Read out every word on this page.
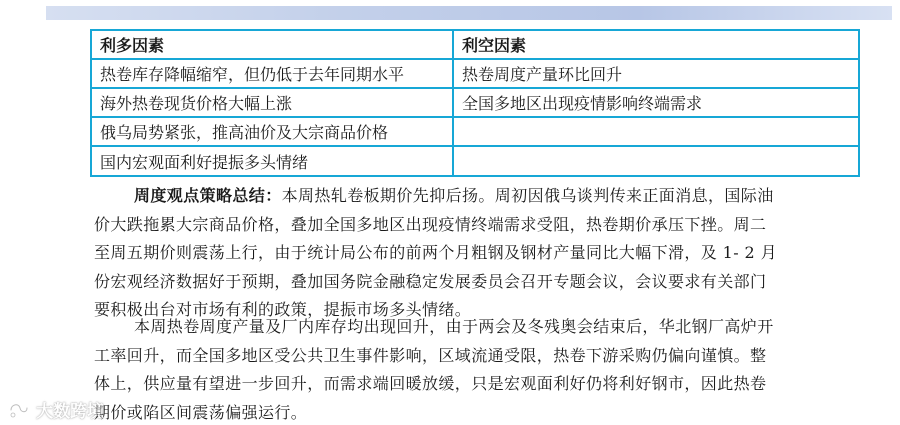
利多因素	利空因素
热卷库存降幅缩窄，但仍低于去年同期水平	热卷周度产量环比回升
海外热卷现货价格大幅上涨	全国多地区出现疫情影响终端需求
俄乌局势紧张，推高油价及大宗商品价格	
国内宏观面利好提振多头情绪	
周度观点策略总结：本周热轧卷板期价先抑后扬。周初因俄乌谈判传来正面消息，国际油
价大跌拖累大宗商品价格，叠加全国多地区出现疫情终端需求受阻，热卷期价承压下挫。周二
至周五期价则震荡上行，由于统计局公布的前两个月粗钢及钢材产量同比大幅下滑，及 1- 2 月
份宏观经济数据好于预期，叠加国务院金融稳定发展委员会召开专题会议，会议要求有关部门
要积极出台对市场有利的政策，提振市场多头情绪。
本周热卷周度产量及厂内库存均出现回升，由于两会及冬残奥会结束后，华北钢厂高炉开
工率回升，而全国多地区受公共卫生事件影响，区域流通受限，热卷下游采购仍偏向谨慎。整
体上，供应量有望进一步回升，而需求端回暖放缓，只是宏观面利好仍将利好钢市，因此热卷
期价或陷区间震荡偏强运行。
大数跨境
